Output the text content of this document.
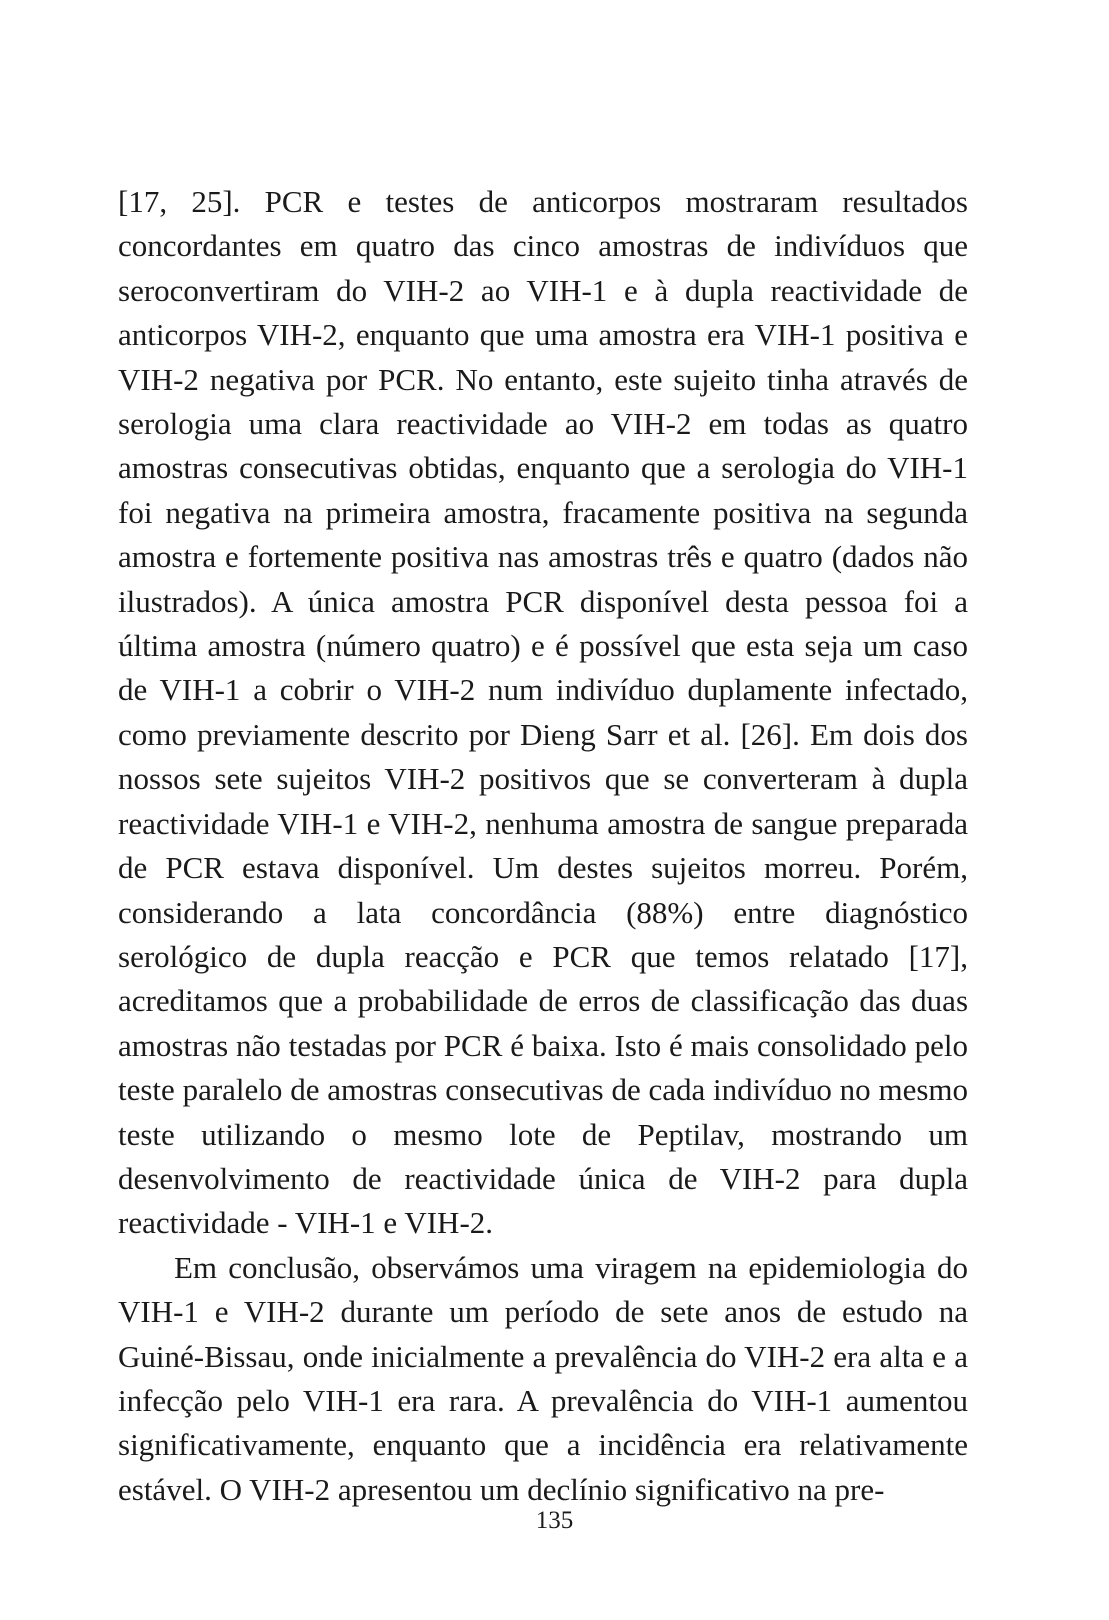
[17, 25]. PCR e testes de anticorpos mostraram resultados concordantes em quatro das cinco amostras de indivíduos que seroconvertiram do VIH-2 ao VIH-1 e à dupla reactividade de anticorpos VIH-2, enquanto que uma amostra era VIH-1 positiva e VIH-2 negativa por PCR. No entanto, este sujeito tinha através de serologia uma clara reactividade ao VIH-2 em todas as quatro amostras consecutivas obtidas, enquanto que a serologia do VIH-1 foi negativa na primeira amostra, fracamente positiva na segunda amostra e fortemente positiva nas amostras três e quatro (dados não ilustrados). A única amostra PCR disponível desta pessoa foi a última amostra (número quatro) e é possível que esta seja um caso de VIH-1 a cobrir o VIH-2 num indivíduo duplamente infectado, como previamente descrito por Dieng Sarr et al. [26]. Em dois dos nossos sete sujeitos VIH-2 positivos que se converteram à dupla reactividade VIH-1 e VIH-2, nenhuma amostra de sangue preparada de PCR estava disponível. Um destes sujeitos morreu. Porém, considerando a lata concordância (88%) entre diagnóstico serológico de dupla reacção e PCR que temos relatado [17], acreditamos que a probabilidade de erros de classificação das duas amostras não testadas por PCR é baixa. Isto é mais consolidado pelo teste paralelo de amostras consecutivas de cada indivíduo no mesmo teste utilizando o mesmo lote de Peptilav, mostrando um desenvolvimento de reactividade única de VIH-2 para dupla reactividade - VIH-1 e VIH-2.

Em conclusão, observámos uma viragem na epidemiologia do VIH-1 e VIH-2 durante um período de sete anos de estudo na Guiné-Bissau, onde inicialmente a prevalência do VIH-2 era alta e a infecção pelo VIH-1 era rara. A prevalência do VIH-1 aumentou significativamente, enquanto que a incidência era relativamente estável. O VIH-2 apresentou um declínio significativo na pre-

135
